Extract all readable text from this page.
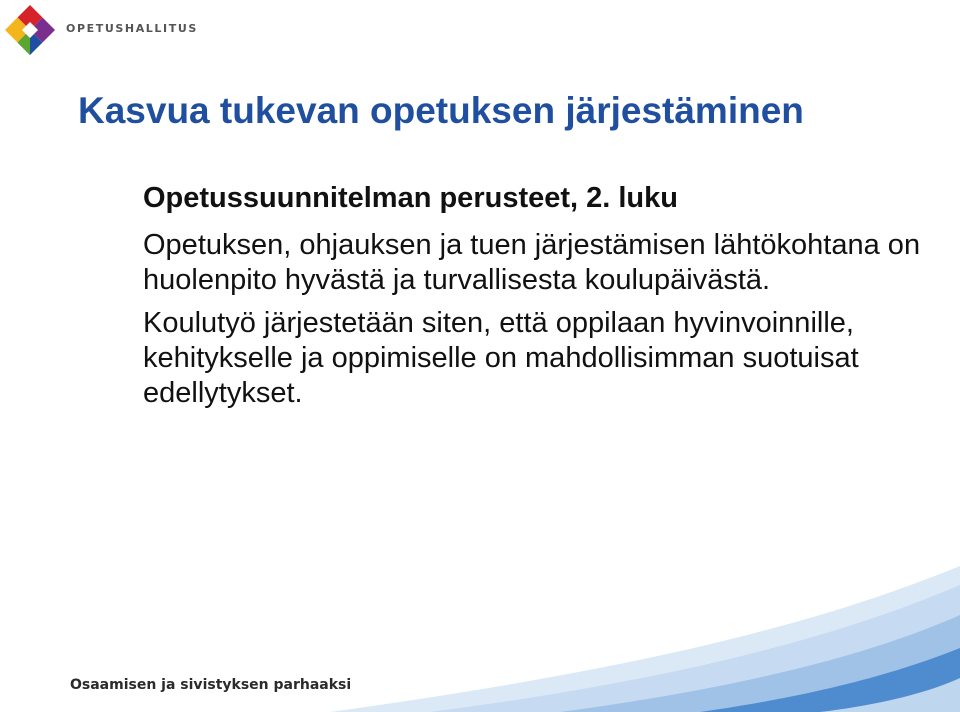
OPETUSHALLITUS
Kasvua tukevan opetuksen järjestäminen

Opetussuunnitelman perusteet, 2. luku

Opetuksen, ohjauksen ja tuen järjestämisen lähtökohtana on huolenpito hyvästä ja turvallisesta koulupäivästä.

Koulutyö järjestetään siten, että oppilaan hyvinvoinnille, kehitykselle ja oppimiselle on mahdollisimman suotuisat edellytykset.

Osaamisen ja sivistyksen parhaaksi
